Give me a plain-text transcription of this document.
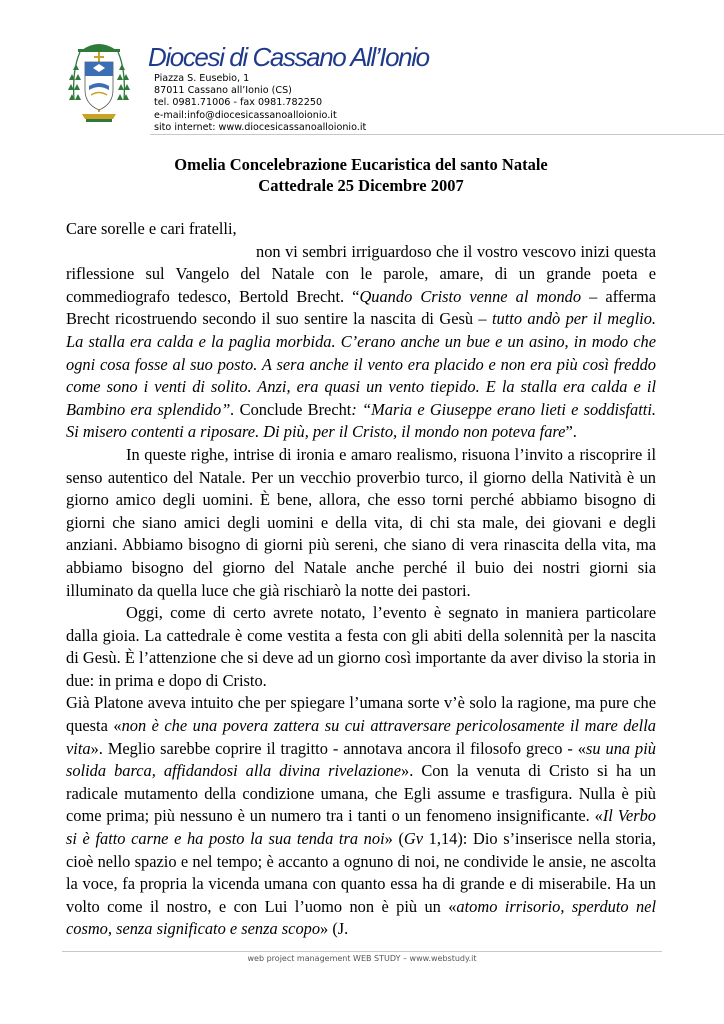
Diocesi di Cassano All’Ionio
Piazza S. Eusebio, 1
87011 Cassano all’Ionio (CS)
tel. 0981.71006 - fax 0981.782250
e-mail:info@diocesicassanoalloionio.it
sito internet: www.diocesicassanoalloionio.it
Omelia Concelebrazione Eucaristica del santo Natale
Cattedrale 25 Dicembre 2007

Care sorelle e cari fratelli,

non vi sembri irriguardoso che il vostro vescovo inizi questa riflessione sul Vangelo del Natale con le parole, amare, di un grande poeta e commediografo tedesco, Bertold Brecht. “Quando Cristo venne al mondo – afferma Brecht ricostruendo secondo il suo sentire la nascita di Gesù – tutto andò per il meglio. La stalla era calda e la paglia morbida. C’erano anche un bue e un asino, in modo che ogni cosa fosse al suo posto. A sera anche il vento era placido e non era più così freddo come sono i venti di solito. Anzi, era quasi un vento tiepido. E la stalla era calda e il Bambino era splendido”. Conclude Brecht: “Maria e Giuseppe erano lieti e soddisfatti. Si misero contenti a riposare. Di più, per il Cristo, il mondo non poteva fare”.

In queste righe, intrise di ironia e amaro realismo, risuona l’invito a riscoprire il senso autentico del Natale. Per un vecchio proverbio turco, il giorno della Natività è un giorno amico degli uomini. È bene, allora, che esso torni perché abbiamo bisogno di giorni che siano amici degli uomini e della vita, di chi sta male, dei giovani e degli anziani. Abbiamo bisogno di giorni più sereni, che siano di vera rinascita della vita, ma abbiamo bisogno del giorno del Natale anche perché il buio dei nostri giorni sia illuminato da quella luce che già rischiarò la notte dei pastori.

Oggi, come di certo avrete notato, l’evento è segnato in maniera particolare dalla gioia. La cattedrale è come vestita a festa con gli abiti della solennità per la nascita di Gesù. È l’attenzione che si deve ad un giorno così importante da aver diviso la storia in due: in prima e dopo di Cristo.

Già Platone aveva intuito che per spiegare l’umana sorte v’è solo la ragione, ma pure che questa «non è che una povera zattera su cui attraversare pericolosamente il mare della vita». Meglio sarebbe coprire il tragitto - annotava ancora il filosofo greco - «su una più solida barca, affidandosi alla divina rivelazione». Con la venuta di Cristo si ha un radicale mutamento della condizione umana, che Egli assume e trasfigura. Nulla è più come prima; più nessuno è un numero tra i tanti o un fenomeno insignificante. «Il Verbo si è fatto carne e ha posto la sua tenda tra noi» (Gv 1,14): Dio s’inserisce nella storia, cioè nello spazio e nel tempo; è accanto a ognuno di noi, ne condivide le ansie, ne ascolta la voce, fa propria la vicenda umana con quanto essa ha di grande e di miserabile. Ha un volto come il nostro, e con Lui l’uomo non è più un «atomo irrisorio, sperduto nel cosmo, senza significato e senza scopo» (J.

web project management WEB STUDY – www.webstudy.it
